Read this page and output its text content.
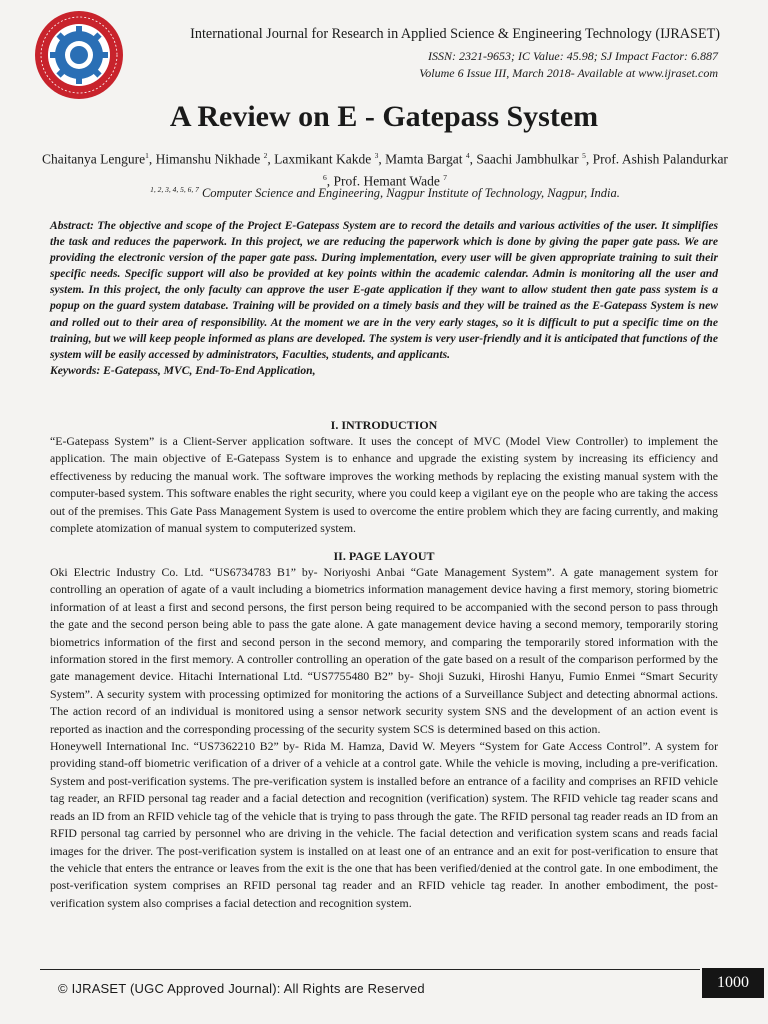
International Journal for Research in Applied Science & Engineering Technology (IJRASET)
ISSN: 2321-9653; IC Value: 45.98; SJ Impact Factor: 6.887
Volume 6 Issue III, March 2018- Available at www.ijraset.com
A Review on E - Gatepass System
Chaitanya Lengure$^1$, Himanshu Nikhade $^2$, Laxmikant Kakde $^3$, Mamta Bargat $^4$, Saachi Jambhulkar $^5$, Prof. Ashish Palandurkar $^6$, Prof. Hemant Wade $^7$
$^{1, 2, 3, 4, 5, 6, 7}$ Computer Science and Engineering, Nagpur Institute of Technology, Nagpur, India.

Abstract: The objective and scope of the Project E-Gatepass System are to record the details and various activities of the user. It simplifies the task and reduces the paperwork. In this project, we are reducing the paperwork which is done by giving the paper gate pass. We are providing the electronic version of the paper gate pass. During implementation, every user will be given appropriate training to suit their specific needs. Specific support will also be provided at key points within the academic calendar. Admin is monitoring all the user and system. In this project, the only faculty can approve the user E-gate application if they want to allow student then gate pass system is a popup on the guard system database. Training will be provided on a timely basis and they will be trained as the E-Gatepass System is new and rolled out to their area of responsibility. At the moment we are in the very early stages, so it is difficult to put a specific time on the training, but we will keep people informed as plans are developed. The system is very user-friendly and it is anticipated that functions of the system will be easily accessed by administrators, Faculties, students, and applicants.

Keywords: E-Gatepass, MVC, End-To-End Application,

I. INTRODUCTION

“E-Gatepass System” is a Client-Server application software. It uses the concept of MVC (Model View Controller) to implement the application. The main objective of E-Gatepass System is to enhance and upgrade the existing system by increasing its efficiency and effectiveness by reducing the manual work. The software improves the working methods by replacing the existing manual system with the computer-based system. This software enables the right security, where you could keep a vigilant eye on the people who are taking the access out of the premises. This Gate Pass Management System is used to overcome the entire problem which they are facing currently, and making complete atomization of manual system to computerized system.

II. PAGE LAYOUT

Oki Electric Industry Co. Ltd. “US6734783 B1” by- Noriyoshi Anbai “Gate Management System”. A gate management system for controlling an operation of agate of a vault including a biometrics information management device having a first memory, storing biometric information of at least a first and second persons, the first person being required to be accompanied with the second person to pass through the gate and the second person being able to pass the gate alone. A gate management device having a second memory, temporarily storing biometrics information of the first and second person in the second memory, and comparing the temporarily stored information with the information stored in the first memory. A controller controlling an operation of the gate based on a result of the comparison performed by the gate management device. Hitachi International Ltd. “US7755480 B2” by- Shoji Suzuki, Hiroshi Hanyu, Fumio Enmei “Smart Security System”. A security system with processing optimized for monitoring the actions of a Surveillance Subject and detecting abnormal actions. The action record of an individual is monitored using a sensor network security system SNS and the development of an action event is reported as inaction and the corresponding processing of the security system SCS is determined based on this action.

Honeywell International Inc. “US7362210 B2” by- Rida M. Hamza, David W. Meyers “System for Gate Access Control”. A system for providing stand-off biometric verification of a driver of a vehicle at a control gate. While the vehicle is moving, including a pre-verification. System and post-verification systems. The pre-verification system is installed before an entrance of a facility and comprises an RFID vehicle tag reader, an RFID personal tag reader and a facial detection and recognition (verification) system. The RFID vehicle tag reader scans and reads an ID from an RFID vehicle tag of the vehicle that is trying to pass through the gate. The RFID personal tag reader reads an ID from an RFID personal tag carried by personnel who are driving in the vehicle. The facial detection and verification system scans and reads facial images for the driver. The post-verification system is installed on at least one of an entrance and an exit for post-verification to ensure that the vehicle that enters the entrance or leaves from the exit is the one that has been verified/denied at the control gate. In one embodiment, the post-verification system comprises an RFID personal tag reader and an RFID vehicle tag reader. In another embodiment, the post-verification system also comprises a facial detection and recognition system.

© IJRASET (UGC Approved Journal): All Rights are Reserved	1000
